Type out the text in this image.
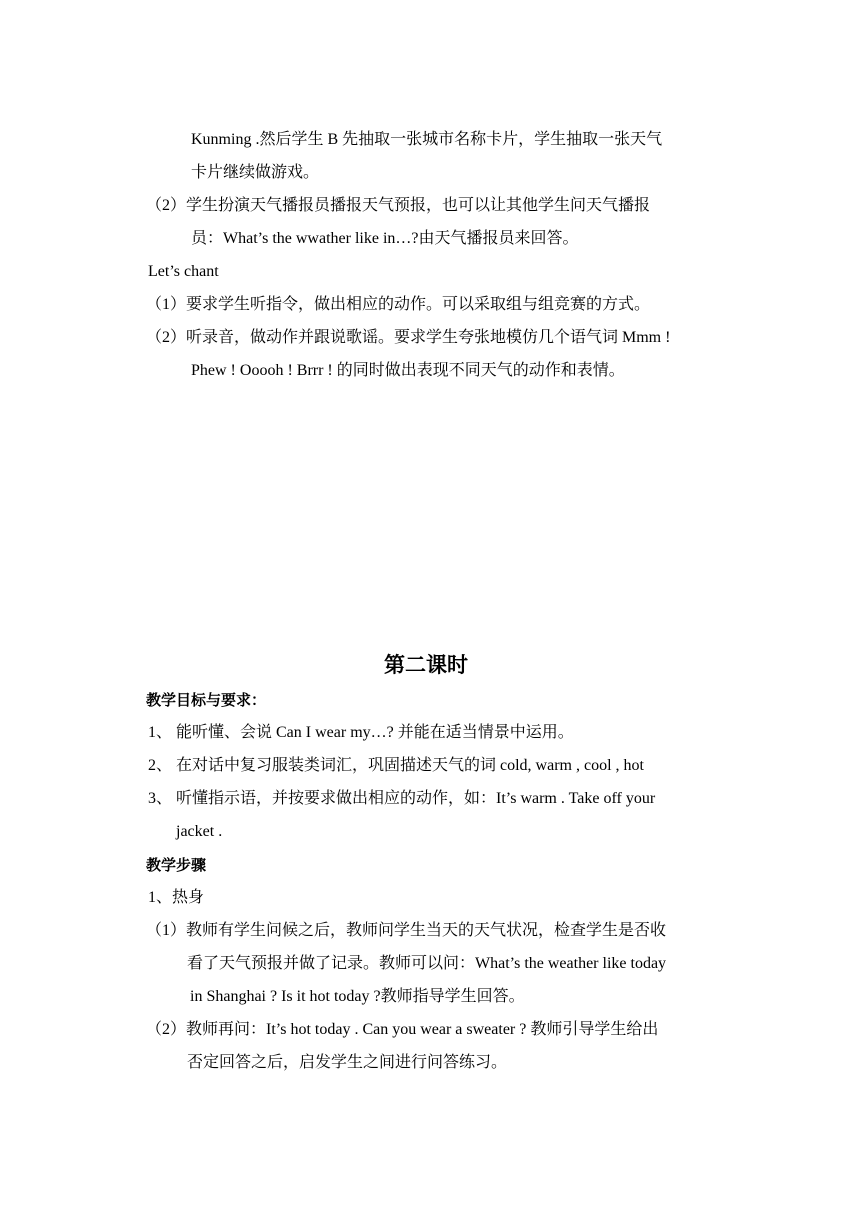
Kunming .然后学生 B 先抽取一张城市名称卡片，学生抽取一张天气
卡片继续做游戏。
（2）学生扮演天气播报员播报天气预报，也可以让其他学生问天气播报
员：What’s the wwather like in…?由天气播报员来回答。
Let’s chant
（1）要求学生听指令，做出相应的动作。可以采取组与组竞赛的方式。
（2）听录音，做动作并跟说歌谣。要求学生夸张地模仿几个语气词 Mmm !
Phew ! Ooooh ! Brrr ! 的同时做出表现不同天气的动作和表情。
第二课时
教学目标与要求：
1、 能听懂、会说 Can I wear my…? 并能在适当情景中运用。
2、 在对话中复习服装类词汇，巩固描述天气的词 cold, warm , cool , hot
3、 听懂指示语，并按要求做出相应的动作，如：It’s warm . Take off your
jacket .
教学步骤
1、热身
（1）教师有学生问候之后，教师问学生当天的天气状况，检查学生是否收
看了天气预报并做了记录。教师可以问：What’s the weather like today
in Shanghai ? Is it hot today ?教师指导学生回答。
（2）教师再问：It’s hot today . Can you wear a sweater ? 教师引导学生给出
否定回答之后，启发学生之间进行问答练习。
